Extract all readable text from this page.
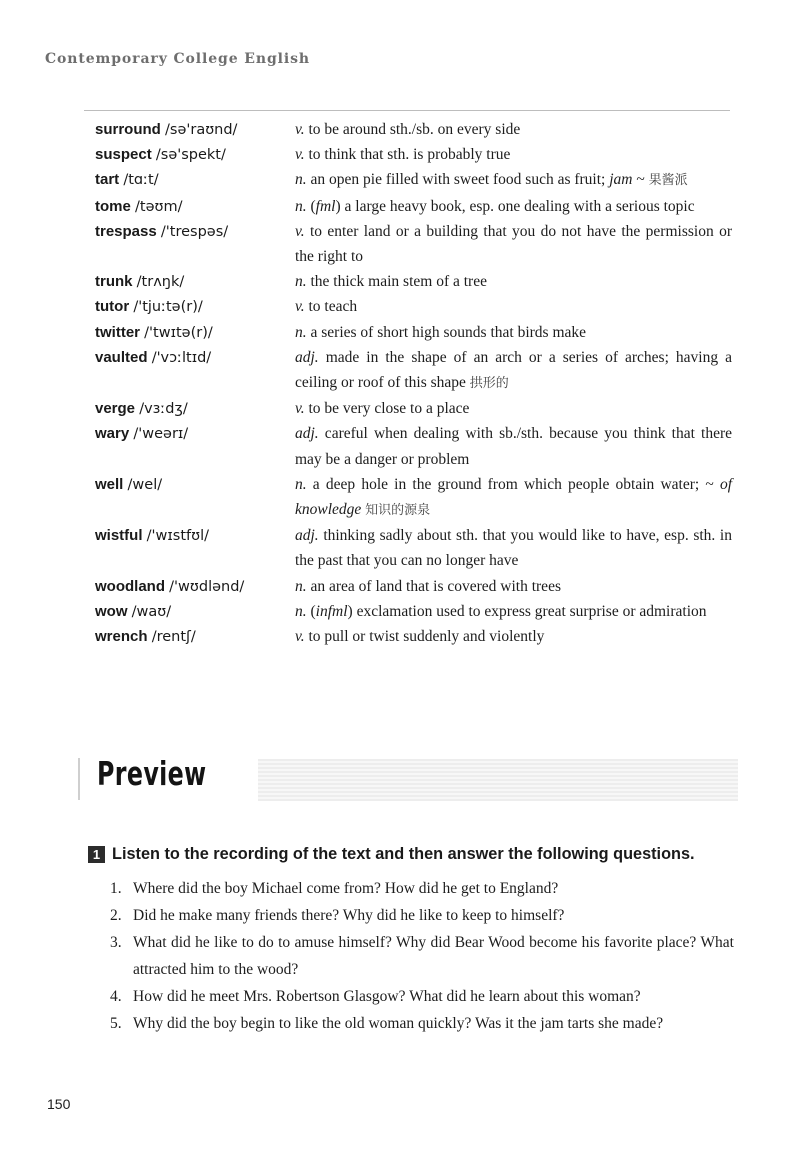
Contemporary College English
surround /sə'raʊnd/	v. to be around sth./sb. on every side
suspect /sə'spekt/	v. to think that sth. is probably true
tart /tɑːt/	n. an open pie filled with sweet food such as fruit; jam ~ 果酱派
tome /təʊm/	n. (fml) a large heavy book, esp. one dealing with a serious topic
trespass /'trespəs/	v. to enter land or a building that you do not have the permission or the right to
trunk /trʌŋk/	n. the thick main stem of a tree
tutor /'tjuːtə(r)/	v. to teach
twitter /'twɪtə(r)/	n. a series of short high sounds that birds make
vaulted /'vɔːltɪd/	adj. made in the shape of an arch or a series of arches; having a ceiling or roof of this shape 拱形的
verge /vɜːdʒ/	v. to be very close to a place
wary /'weərɪ/	adj. careful when dealing with sb./sth. because you think that there may be a danger or problem
well /wel/	n. a deep hole in the ground from which people obtain water; ~ of knowledge 知识的源泉
wistful /'wɪstfʊl/	adj. thinking sadly about sth. that you would like to have, esp. sth. in the past that you can no longer have
woodland /'wʊdlənd/	n. an area of land that is covered with trees
wow /waʊ/	n. (infml) exclamation used to express great surprise or admiration
wrench /rentʃ/	v. to pull or twist suddenly and violently
Preview
1 Listen to the recording of the text and then answer the following questions.
1. Where did the boy Michael come from? How did he get to England?
2. Did he make many friends there? Why did he like to keep to himself?
3. What did he like to do to amuse himself? Why did Bear Wood become his favorite place? What attracted him to the wood?
4. How did he meet Mrs. Robertson Glasgow? What did he learn about this woman?
5. Why did the boy begin to like the old woman quickly? Was it the jam tarts she made?
150
